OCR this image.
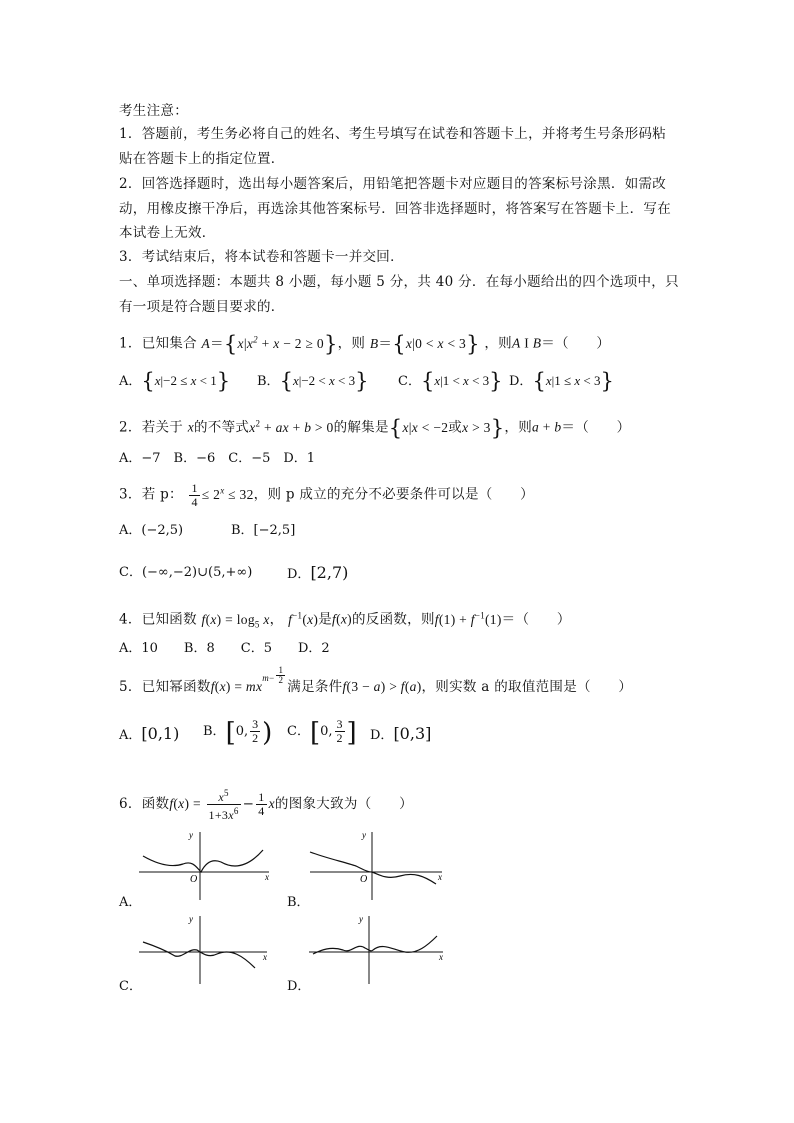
考生注意：
1．答题前，考生务必将自己的姓名、考生号填写在试卷和答题卡上，并将考生号条形码粘
贴在答题卡上的指定位置．
2．回答选择题时，选出每小题答案后，用铅笔把答题卡对应题目的答案标号涂黑．如需改
动，用橡皮擦干净后，再选涂其他答案标号．回答非选择题时，将答案写在答题卡上．写在
本试卷上无效．
3．考试结束后，将本试卷和答题卡一并交回．
一、单项选择题：本题共 8 小题，每小题 5 分，共 40 分．在每小题给出的四个选项中，只
有一项是符合题目要求的．
1．已知集合 $A=\{x|x^2 + x - 2 \ge 0\}$，则 B＝{x|0 < x < 3} ，则A I B＝（　　）
A．{x|−2 ≤ x < 1} B．{x|−2 < x < 3} C．{x|1 < x < 3} D．{x|1 ≤ x < 3}
2．若关于 x的不等式$x^2$ + ax + b > 0的解集是{x|x < −2或x > 3}，则a + b＝（　　）
A．−7　B．−6　C．−5　D．1
3．若 p： $\frac{1}{4} \le 2^x \le 32$，则 p 成立的充分不必要条件可以是（　　）
A．(−2,5)	B．[−2,5]
C．(−∞,−2)∪(5,+∞)	D．[2,7)
4．已知函数 $f(x) = \log_5 x$， $f^{-1}(x)$是f(x)的反函数，则$f(1) + f^{-1}(1)=$（　　）
A．10　　B．8　　C．5　　D．2
5．已知幂函数$f(x) = mx^{m-} \frac{1}{2}$
满足条件f(3 − a) > f(a)，则实数 a 的取值范围是（　　）
A．[0,1) B．[0, $\frac{3}{2}$ ) C．[0, $\frac{3}{2}$ ] D．[0,3]
6．函数$f(x) = \frac{x^5}{1+3x^6} - \frac{1}{4}$ x的图象大致为（　　）
y
x
O
A．
y
x
O
B．
y
x
C．
y
x
D．
